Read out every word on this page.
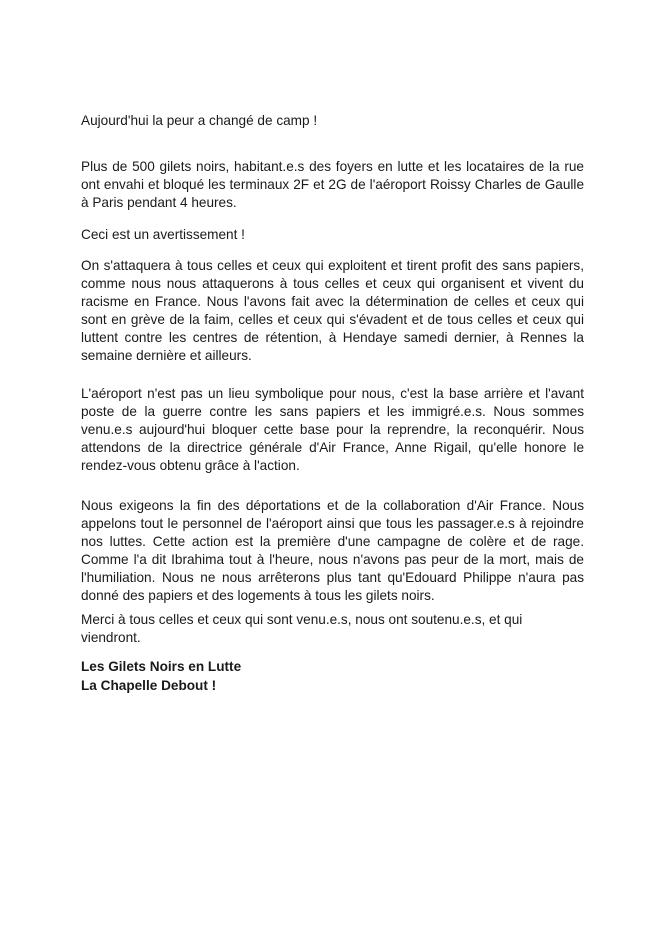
Aujourd'hui la peur a changé de camp !

Plus de 500 gilets noirs, habitant.e.s des foyers en lutte et les locataires de la rue ont envahi et bloqué les terminaux 2F et 2G de l'aéroport Roissy Charles de Gaulle à Paris pendant 4 heures.

Ceci est un avertissement !

On s'attaquera à tous celles et ceux qui exploitent et tirent profit des sans papiers, comme nous nous attaquerons à tous celles et ceux qui organisent et vivent du racisme en France. Nous l'avons fait avec la détermination de celles et ceux qui sont en grève de la faim, celles et ceux qui s'évadent et de tous celles et ceux qui luttent contre les centres de rétention, à Hendaye samedi dernier, à Rennes la semaine dernière et ailleurs.

L'aéroport n'est pas un lieu symbolique pour nous, c'est la base arrière et l'avant poste de la guerre contre les sans papiers et les immigré.e.s. Nous sommes venu.e.s aujourd'hui bloquer cette base pour la reprendre, la reconquérir. Nous attendons de la directrice générale d'Air France, Anne Rigail, qu'elle honore le rendez-vous obtenu grâce à l'action.

Nous exigeons la fin des déportations et de la collaboration d'Air France. Nous appelons tout le personnel de l'aéroport ainsi que tous les passager.e.s à rejoindre nos luttes. Cette action est la première d'une campagne de colère et de rage. Comme l'a dit Ibrahima tout à l'heure, nous n'avons pas peur de la mort, mais de l'humiliation. Nous ne nous arrêterons plus tant qu'Edouard Philippe n'aura pas donné des papiers et des logements à tous les gilets noirs.

Merci à tous celles et ceux qui sont venu.e.s, nous ont soutenu.e.s, et qui viendront.

Les Gilets Noirs en Lutte

La Chapelle Debout !
